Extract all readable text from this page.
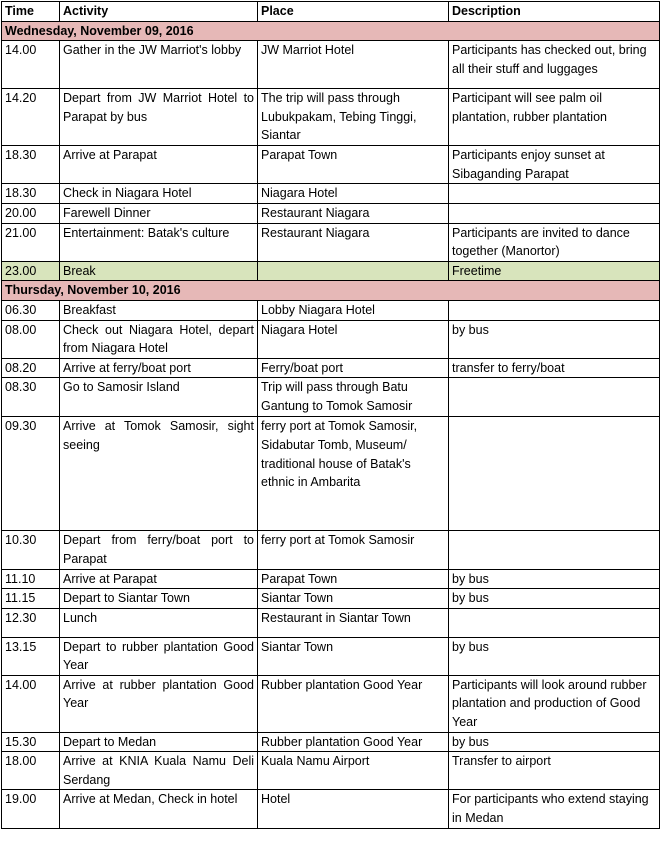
Time	Activity	Place	Description
Wednesday, November 09, 2016			
14.00	Gather in the JW Marriot's lobby	JW Marriot Hotel	Participants has checked out, bring all their stuff and luggages
14.20	Depart from JW Marriot Hotel to Parapat by bus	The trip will pass through Lubukpakam, Tebing Tinggi, Siantar	Participant will see palm oil plantation, rubber plantation
18.30	Arrive at Parapat	Parapat Town	Participants enjoy sunset at Sibaganding Parapat
18.30	Check in Niagara Hotel	Niagara Hotel	
20.00	Farewell Dinner	Restaurant Niagara	
21.00	Entertainment: Batak's culture	Restaurant Niagara	Participants are invited to dance together (Manortor)
23.00	Break		Freetime
Thursday, November 10, 2016			
06.30	Breakfast	Lobby Niagara Hotel	
08.00	Check out Niagara Hotel, depart from Niagara Hotel	Niagara Hotel	by bus
08.20	Arrive at ferry/boat port	Ferry/boat port	transfer to ferry/boat
08.30	Go to Samosir Island	Trip will pass through Batu Gantung to Tomok Samosir	
09.30	Arrive at Tomok Samosir, sight seeing	ferry port at Tomok Samosir, Sidabutar Tomb, Museum/ traditional house of Batak's ethnic in Ambarita	
10.30	Depart from ferry/boat port to Parapat	ferry port at Tomok Samosir	
11.10	Arrive at Parapat	Parapat Town	by bus
11.15	Depart to Siantar Town	Siantar Town	by bus
12.30	Lunch	Restaurant in Siantar Town	
13.15	Depart to rubber plantation Good Year	Siantar Town	by bus
14.00	Arrive at rubber plantation Good Year	Rubber plantation Good Year	Participants will look around rubber plantation and production of Good Year
15.30	Depart to Medan	Rubber plantation Good Year	by bus
18.00	Arrive at KNIA Kuala Namu Deli Serdang	Kuala Namu Airport	Transfer to airport
19.00	Arrive at Medan, Check in hotel	Hotel	For participants who extend staying in Medan
